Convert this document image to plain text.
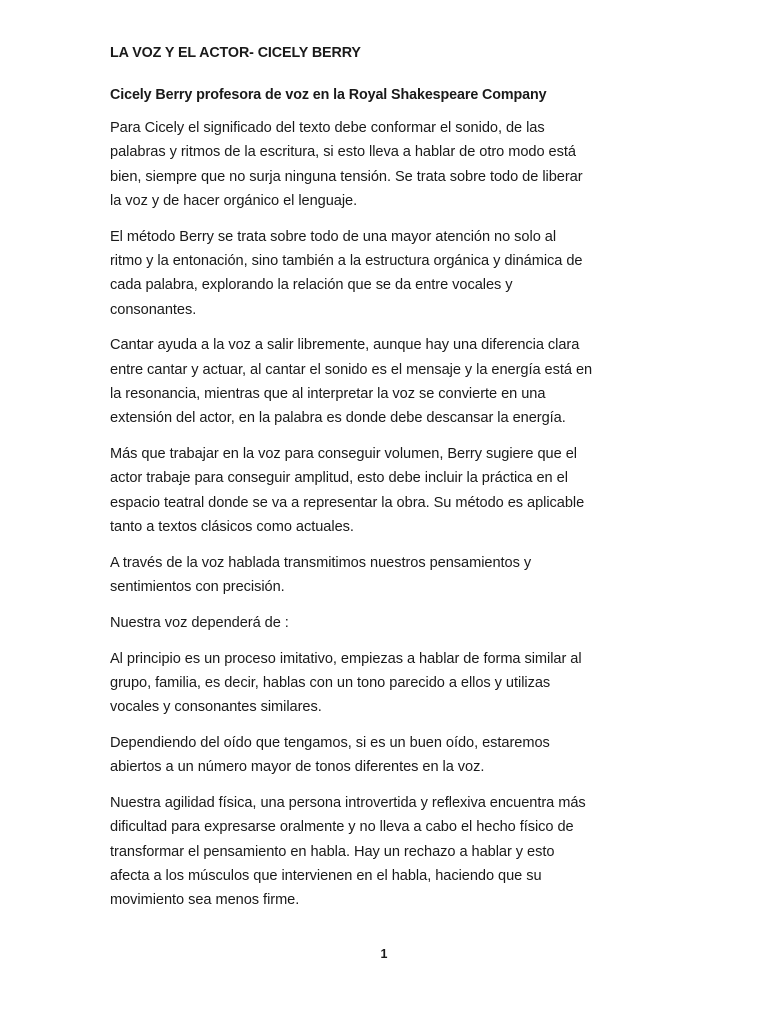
LA VOZ Y EL ACTOR- CICELY BERRY

Cicely Berry profesora de voz en la Royal Shakespeare Company

Para Cicely el significado del texto debe conformar el sonido, de las
palabras y ritmos de la escritura, si esto lleva a hablar de otro modo está
bien, siempre que no surja ninguna tensión. Se trata sobre todo de liberar
la voz y de hacer orgánico el lenguaje.

El método Berry se trata sobre todo de una mayor atención no solo al
ritmo y la entonación, sino también a la estructura orgánica y dinámica de
cada palabra, explorando la relación que se da entre vocales y
consonantes.

Cantar ayuda a la voz a salir libremente, aunque hay una diferencia clara
entre cantar y actuar, al cantar el sonido es el mensaje y la energía está en
la resonancia, mientras que al interpretar la voz se convierte en una
extensión del actor, en la palabra es donde debe descansar la energía.

Más que trabajar en la voz para conseguir volumen, Berry sugiere que el
actor trabaje para conseguir amplitud, esto debe incluir la práctica en el
espacio teatral donde se va a representar la obra. Su método es aplicable
tanto a textos clásicos como actuales.

A través de la voz hablada transmitimos nuestros pensamientos y
sentimientos con precisión.

Nuestra voz dependerá de :

Al principio es un proceso imitativo, empiezas a hablar de forma similar al
grupo, familia, es decir, hablas con un tono parecido a ellos y utilizas
vocales y consonantes similares.

Dependiendo del oído que tengamos, si es un buen oído, estaremos
abiertos a un número mayor de tonos diferentes en la voz.

Nuestra agilidad física, una persona introvertida y reflexiva encuentra más
dificultad para expresarse oralmente y no lleva a cabo el hecho físico de
transformar el pensamiento en habla. Hay un rechazo a hablar y esto
afecta a los músculos que intervienen en el habla, haciendo que su
movimiento sea menos firme.

1
